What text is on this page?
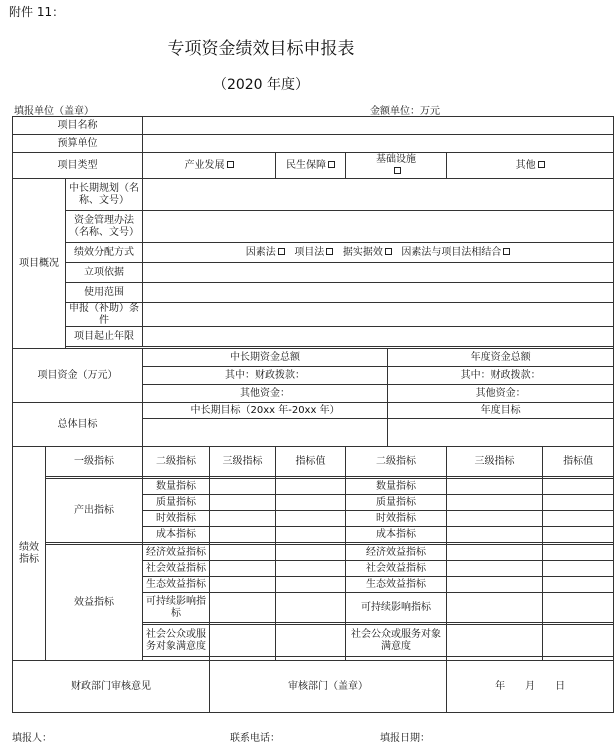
附件 11：
专项资金绩效目标申报表
（2020 年度）
填报单位（盖章）	金额单位：万元
项目名称									
预算单位									
项目类型			产业发展		民生保障	基础设施		其他	
项目概况		中长期规划（名称、文号）							
		资金管理办法（名称、文号）							
		绩效分配方式	因素法 项目法 据实据效 因素法与项目法相结合						
		立项依据							
		使用范围							
		申报（补助）条件							
		项目起止年限							

项目资金（万元）			中长期资金总额				年度资金总额		
			其中：财政拨款：				其中：财政拨款：		
			其他资金：				其他资金：		
总体目标			中长期目标（20xx 年-20xx 年）				年度目标		

绩效指标	一级指标		二级指标	三级指标	指标值	二级指标		三级指标	指标值

	产出指标		数量指标			数量指标			
			质量指标			质量指标			
			时效指标			时效指标			
			成本指标			成本指标			

	效益指标		经济效益指标			经济效益指标			
			社会效益指标			社会效益指标			
			生态效益指标			生态效益指标			
			可持续影响指标			可持续影响指标			

			社会公众或服务对象满意度			社会公众或服务对象满意度			

财政部门审核意见				审核部门（盖章）				年　　月　　日	
填报人：	联系电话：	填报日期：
